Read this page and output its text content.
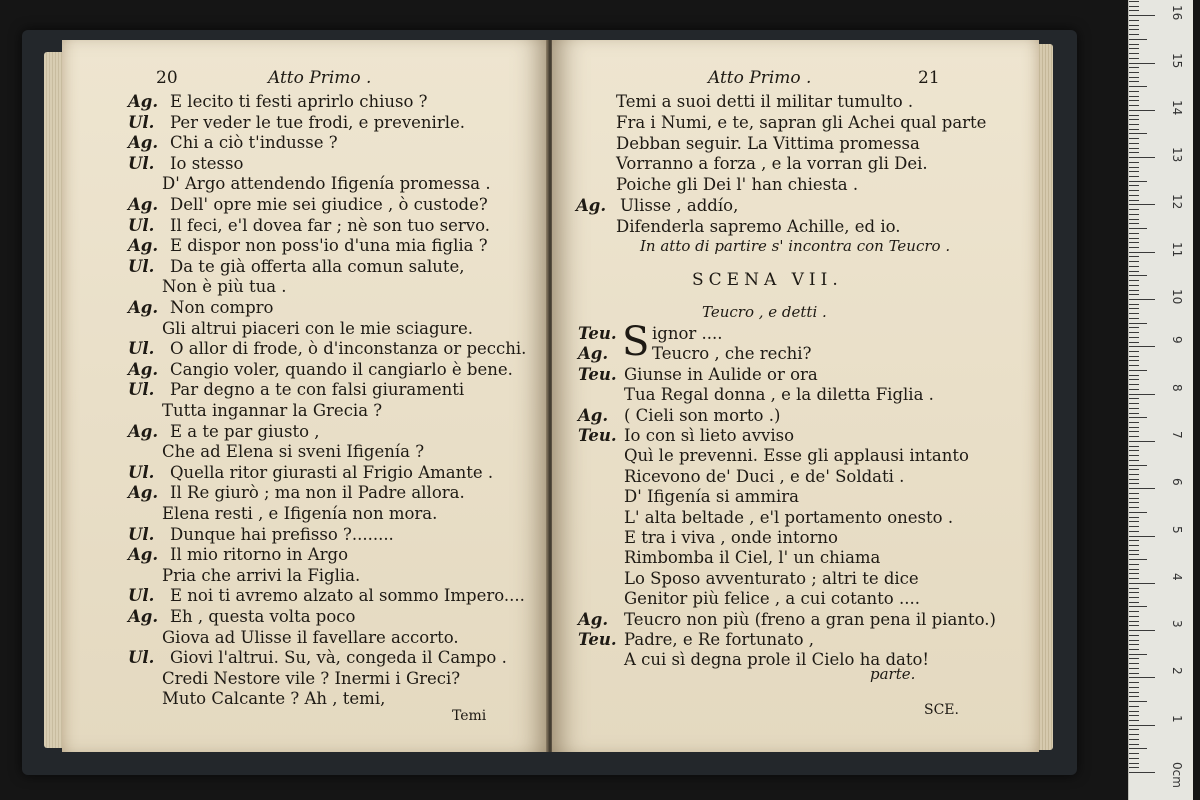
20	Atto Primo .
Ag. E lecito ti festi aprirlo chiuso ?
Ul. Per veder le tue frodi, e prevenirle.
Ag. Chi a ciò t'indusse ?
Ul. Io stesso
D' Argo attendendo Ifigenía promessa .
Ag. Dell' opre mie sei giudice , ò custode?
Ul. Il feci, e'l dovea far ; nè son tuo servo.
Ag. E dispor non poss'io d'una mia figlia ?
Ul. Da te già offerta alla comun salute,
Non è più tua .
Ag. Non compro
Gli altrui piaceri con le mie sciagure.
Ul. O allor di frode, ò d'inconstanza or pecchi.
Ag. Cangio voler, quando il cangiarlo è bene.
Ul. Par degno a te con falsi giuramenti
Tutta ingannar la Grecia ?
Ag. E a te par giusto ,
Che ad Elena si sveni Ifigenía ?
Ul. Quella ritor giurasti al Frigio Amante .
Ag. Il Re giurò ; ma non il Padre allora.
Elena resti , e Ifigenía non mora.
Ul. Dunque hai prefisso ?........
Ag. Il mio ritorno in Argo
Pria che arrivi la Figlia.
Ul. E noi ti avremo alzato al sommo Impero....
Ag. Eh , questa volta poco
Giova ad Ulisse il favellare accorto.
Ul. Giovi l'altrui. Su, và, congeda il Campo .
Credi Nestore vile ? Inermi i Greci?
Muto Calcante ? Ah , temi,
Temi
Atto Primo .	21
Temi a suoi detti il militar tumulto .
Fra i Numi, e te, sapran gli Achei qual parte
Debban seguir. La Vittima promessa
Vorranno a forza , e la vorran gli Dei.
Poiche gli Dei l' han chiesta .
Ag. Ulisse , addío,
Difenderla sapremo Achille, ed io.
In atto di partire s' incontra con Teucro .
SCENA VII.
Teucro , e detti .
S
Teu. ignor ....
Ag.	Teucro , che rechi?
Teu. Giunse in Aulide or ora
Tua Regal donna , e la diletta Figlia .
Ag. ( Cieli son morto .)
Teu. Io con sì lieto avviso
Quì le prevenni. Esse gli applausi intanto
Ricevono de' Duci , e de' Soldati .
D' Ifigenía si ammira
L' alta beltade , e'l portamento onesto .
E tra i viva , onde intorno
Rimbomba il Ciel, l' un chiama
Lo Sposo avventurato ; altri te dice
Genitor più felice , a cui cotanto ....
Ag. Teucro non più (freno a gran pena il pianto.)
Teu. Padre, e Re fortunato ,
A cui sì degna prole il Cielo ha dato!
parte.
SCE.
0cm
1
2
3
4
5
6
7
8
9
10
11
12
13
14
15
16
